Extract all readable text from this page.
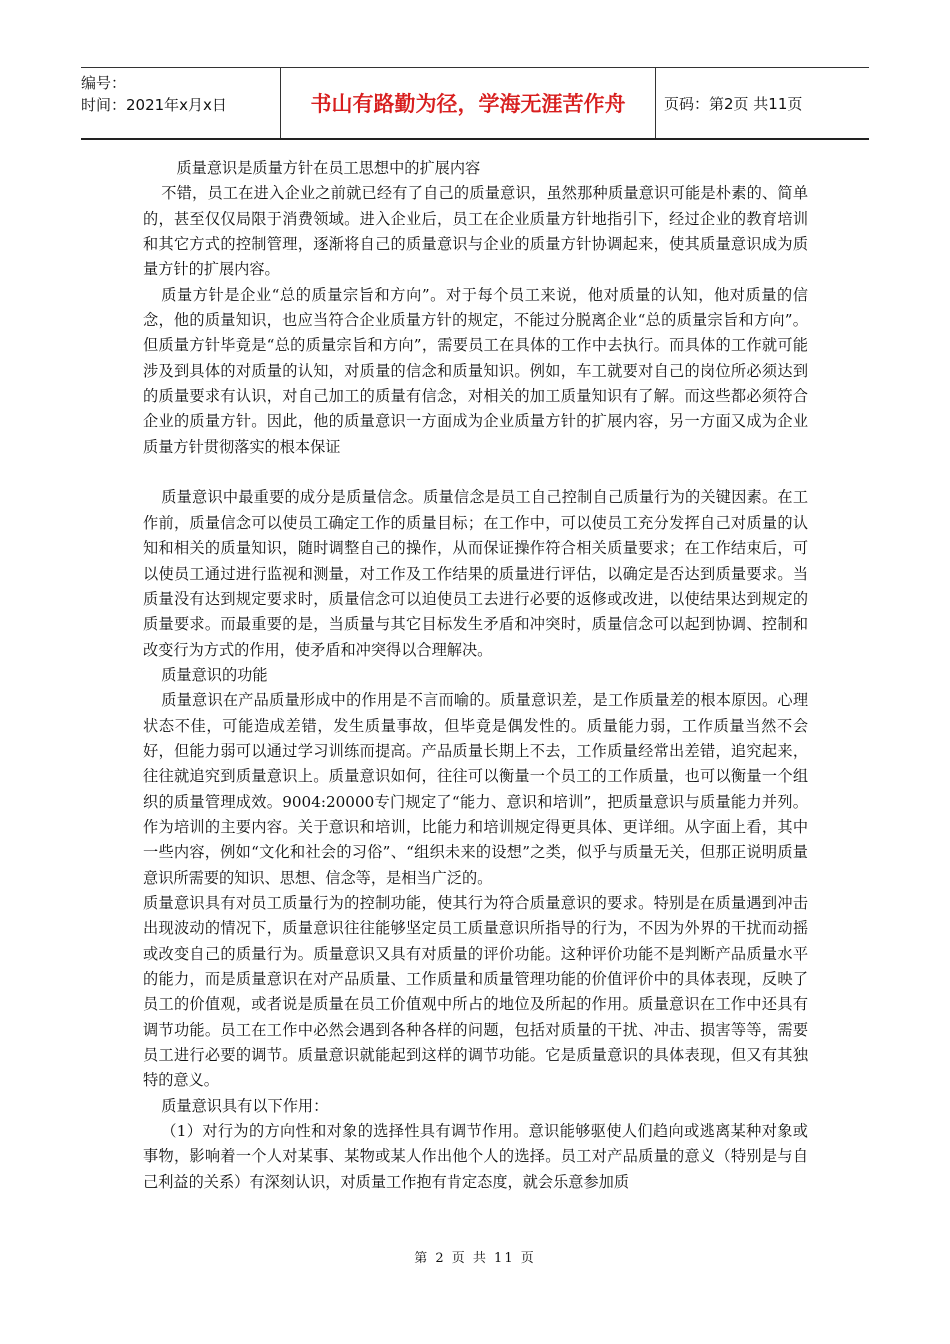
编号：
时间：2021年x月x日	书山有路勤为径，学海无涯苦作舟	页码：第2页 共11页

质量意识是质量方针在员工思想中的扩展内容

不错，员工在进入企业之前就已经有了自己的质量意识，虽然那种质量意识可能是朴素的、简单的，甚至仅仅局限于消费领域。进入企业后，员工在企业质量方针地指引下，经过企业的教育培训和其它方式的控制管理，逐渐将自己的质量意识与企业的质量方针协调起来，使其质量意识成为质量方针的扩展内容。

质量方针是企业“总的质量宗旨和方向”。对于每个员工来说，他对质量的认知，他对质量的信念，他的质量知识，也应当符合企业质量方针的规定，不能过分脱离企业“总的质量宗旨和方向”。但质量方针毕竟是“总的质量宗旨和方向”，需要员工在具体的工作中去执行。而具体的工作就可能涉及到具体的对质量的认知，对质量的信念和质量知识。例如，车工就要对自己的岗位所必须达到的质量要求有认识，对自己加工的质量有信念，对相关的加工质量知识有了解。而这些都必须符合企业的质量方针。因此，他的质量意识一方面成为企业质量方针的扩展内容，另一方面又成为企业质量方针贯彻落实的根本保证

质量意识中最重要的成分是质量信念。质量信念是员工自己控制自己质量行为的关键因素。在工作前，质量信念可以使员工确定工作的质量目标；在工作中，可以使员工充分发挥自己对质量的认知和相关的质量知识，随时调整自己的操作，从而保证操作符合相关质量要求；在工作结束后，可以使员工通过进行监视和测量，对工作及工作结果的质量进行评估，以确定是否达到质量要求。当质量没有达到规定要求时，质量信念可以迫使员工去进行必要的返修或改进，以使结果达到规定的质量要求。而最重要的是，当质量与其它目标发生矛盾和冲突时，质量信念可以起到协调、控制和改变行为方式的作用，使矛盾和冲突得以合理解决。

质量意识的功能

质量意识在产品质量形成中的作用是不言而喻的。质量意识差，是工作质量差的根本原因。心理状态不佳，可能造成差错，发生质量事故，但毕竟是偶发性的。质量能力弱，工作质量当然不会好，但能力弱可以通过学习训练而提高。产品质量长期上不去，工作质量经常出差错，追究起来，往往就追究到质量意识上。质量意识如何，往往可以衡量一个员工的工作质量，也可以衡量一个组织的质量管理成效。9004:20000专门规定了“能力、意识和培训”，把质量意识与质量能力并列。作为培训的主要内容。关于意识和培训，比能力和培训规定得更具体、更详细。从字面上看，其中一些内容，例如“文化和社会的习俗”、“组织未来的设想”之类，似乎与质量无关，但那正说明质量意识所需要的知识、思想、信念等，是相当广泛的。

质量意识具有对员工质量行为的控制功能，使其行为符合质量意识的要求。特别是在质量遇到冲击出现波动的情况下，质量意识往往能够坚定员工质量意识所指导的行为，不因为外界的干扰而动摇或改变自己的质量行为。质量意识又具有对质量的评价功能。这种评价功能不是判断产品质量水平的能力，而是质量意识在对产品质量、工作质量和质量管理功能的价值评价中的具体表现，反映了员工的价值观，或者说是质量在员工价值观中所占的地位及所起的作用。质量意识在工作中还具有调节功能。员工在工作中必然会遇到各种各样的问题，包括对质量的干扰、冲击、损害等等，需要员工进行必要的调节。质量意识就能起到这样的调节功能。它是质量意识的具体表现，但又有其独特的意义。

质量意识具有以下作用：

（1）对行为的方向性和对象的选择性具有调节作用。意识能够驱使人们趋向或逃离某种对象或事物，影响着一个人对某事、某物或某人作出他个人的选择。员工对产品质量的意义（特别是与自己利益的关系）有深刻认识，对质量工作抱有肯定态度，就会乐意参加质

第 2 页 共 11 页
